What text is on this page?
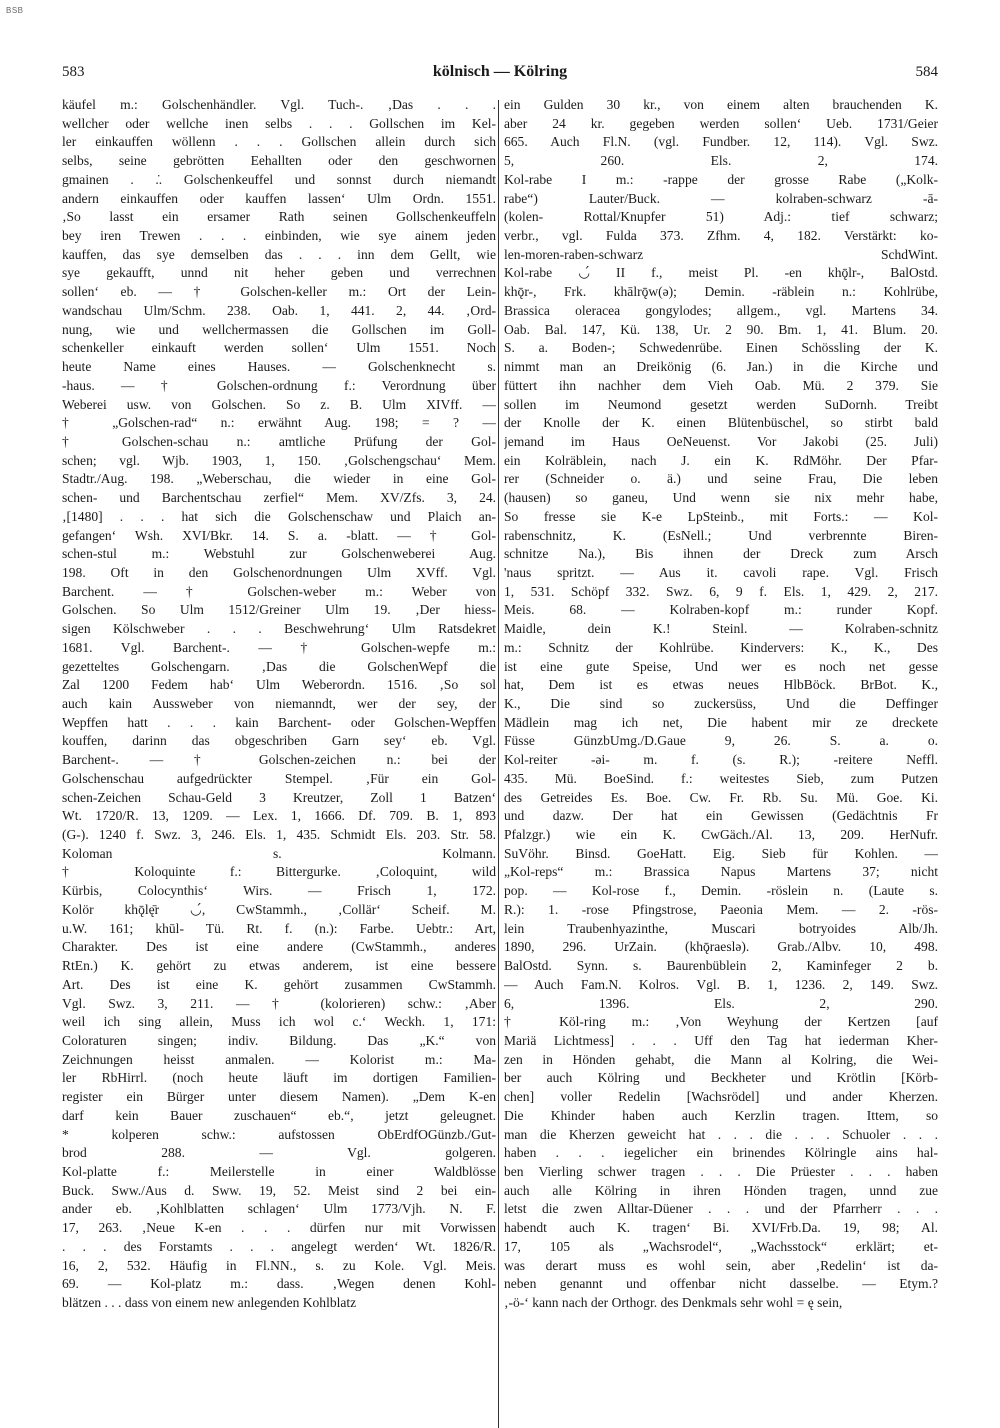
BSB
583	kölnisch — Kölring	584
käufel m.: Golschenhändler. Vgl. Tuch-. ‚Das . . .
wellcher oder wellche inen selbs . . . Gollschen im Kel-
ler einkauffen wöllenn . . . Gollschen allein durch sich
selbs, seine gebrötten Eehallten oder den geschwornen
gmainen . .̇. Golschenkeuffel und sonnst durch niemandt
andern einkauffen oder kauffen lassen‘ Ulm Ordn. 1551.
‚So lasst ein ersamer Rath seinen Gollschenkeuffeln
bey iren Trewen . . . einbinden, wie sye ainem jeden
kauffen, das sye demselben das . . . inn dem Gellt, wie
sye gekaufft, unnd nit heher geben und verrechnen
sollen‘ eb. — † Golschen-keller m.: Ort der Lein-
wandschau Ulm/Schm. 238. Oab. 1, 441. 2, 44. ‚Ord-
nung, wie und wellchermassen die Gollschen im Goll-
schenkeller einkauft werden sollen‘ Ulm 1551. Noch
heute Name eines Hauses. — Golschenknecht s.
-haus. — † Golschen-ordnung f.: Verordnung über
Weberei usw. von Golschen. So z. B. Ulm XIVff. —
† „Golschen-rad“ n.: erwähnt Aug. 198; = ? —
† Golschen-schau n.: amtliche Prüfung der Gol-
schen; vgl. Wjb. 1903, 1, 150. ‚Golschengschau‘ Mem.
Stadtr./Aug. 198. „Weberschau, die wieder in eine Gol-
schen- und Barchentschau zerfiel“ Mem. XV/Zfs. 3, 24.
‚[1480] . . . hat sich die Golschenschaw und Plaich an-
gefangen‘ Wsh. XVI/Bkr. 14. S. a. -blatt. — † Gol-
schen-stul m.: Webstuhl zur Golschenweberei Aug.
198. Oft in den Golschenordnungen Ulm XVff. Vgl.
Barchent. — † Golschen-weber m.: Weber von
Golschen. So Ulm 1512/Greiner Ulm 19. ‚Der hiess-
sigen Kölschweber . . . Beschwehrung‘ Ulm Ratsdekret
1681. Vgl. Barchent-. — † Golschen-wepfe m.:
gezetteltes Golschengarn. ‚Das die GolschenWepf die
Zal 1200 Fedem hab‘ Ulm Weberordn. 1516. ‚So sol
auch kain Aussweber von niemanndt, wer der sey, der
Wepffen hatt . . . kain Barchent- oder Golschen-Wepffen
kouffen, darinn das obgeschriben Garn sey‘ eb. Vgl.
Barchent-. — † Golschen-zeichen n.: bei der
Golschenschau aufgedrückter Stempel. ‚Für ein Gol-
schen-Zeichen Schau-Geld 3 Kreutzer, Zoll 1 Batzen‘
Wt. 1720/R. 13, 1209. — Lex. 1, 1666. Df. 709. B. 1, 893
(G-). 1240 f. Swz. 3, 246. Els. 1, 435. Schmidt Els. 203. Str. 58.
Koloman s. Kolmann.
† Koloquinte f.: Bittergurke. ‚Coloquint, wild
Kürbis, Colocynthis‘ Wirs. — Frisch 1, 172.
Kolör khǭlę̄r ◡́, CwStammh., ‚Collär‘ Scheif. M.
u.W. 161; khūl- Tü. Rt. f. (n.): Farbe. Uebtr.: Art,
Charakter. Des ist eine andere (CwStammh., anderes
RtEn.) K. gehört zu etwas anderem, ist eine bessere
Art. Des ist eine K. gehört zusammen CwStammh.
Vgl. Swz. 3, 211. — † (kolorieren) schw.: ‚Aber
weil ich sing allein, Muss ich wol c.‘ Weckh. 1, 171:
Coloraturen singen; indiv. Bildung. Das „K.“ von
Zeichnungen heisst anmalen. — Kolorist m.: Ma-
ler RbHirrl. (noch heute läuft im dortigen Familien-
register ein Bürger unter diesem Namen). „Dem K-en
darf kein Bauer zuschauen“ eb.“, jetzt geleugnet.
* kolperen schw.: aufstossen ObErdfOGünzb./Gut-
brod 288. — Vgl. golgeren.
Kol-platte f.: Meilerstelle in einer Waldblösse
Buck. Sww./Aus d. Sww. 19, 52. Meist sind 2 bei ein-
ander eb. ‚Kohlblatten schlagen‘ Ulm 1773/Vjh. N. F.
17, 263. ‚Neue K-en . . . dürfen nur mit Vorwissen
. . . des Forstamts . . . angelegt werden‘ Wt. 1826/R.
16, 2, 532. Häufig in Fl.NN., s. zu Kole. Vgl. Meis.
69. — Kol-platz m.: dass. ‚Wegen denen Kohl-
blätzen . . . dass von einem new anlegenden Kohlblatz
ein Gulden 30 kr., von einem alten brauchenden K.
aber 24 kr. gegeben werden sollen‘ Ueb. 1731/Geier
665. Auch Fl.N. (vgl. Fundber. 12, 114). Vgl. Swz.
5, 260. Els. 2, 174.
Kol-rabe I m.: -rappe der grosse Rabe („Kolk-
rabe“) Lauter/Buck. — kolraben-schwarz -ā-
(kolen- Rottal/Knupfer 51) Adj.: tief schwarz;
verbr., vgl. Fulda 373. Zfhm. 4, 182. Verstärkt: ko-
len-moren-raben-schwarz SchdWint.
Kol-rabe ◡́ II f., meist Pl. -en khǭlr-, BalOstd.
khǭr-, Frk. khālrǭw(ə); Demin. -räblein n.: Kohlrübe,
Brassica oleracea gongylodes; allgem., vgl. Martens 34.
Oab. Bal. 147, Kü. 138, Ur. 2 90. Bm. 1, 41. Blum. 20.
S. a. Boden-; Schwedenrübe. Einen Schössling der K.
nimmt man an Dreikönig (6. Jan.) in die Kirche und
füttert ihn nachher dem Vieh Oab. Mü. 2 379. Sie
sollen im Neumond gesetzt werden SuDornh. Treibt
der Knolle der K. einen Blütenbüschel, so stirbt bald
jemand im Haus OeNeuenst. Vor Jakobi (25. Juli)
ein Kolräblein, nach J. ein K. RdMöhr. Der Pfar-
rer (Schneider o. ä.) und seine Frau, Die leben
(hausen) so ganeu, Und wenn sie nix mehr habe,
So fresse sie K-e LpSteinb., mit Forts.: — Kol-
rabenschnitz, K. (EsNell.; Und verbrennte Biren-
schnitze Na.), Bis ihnen der Dreck zum Arsch
'naus spritzt. — Aus it. cavoli rape. Vgl. Frisch
1, 531. Schöpf 332. Swz. 6, 9 f. Els. 1, 429. 2, 217.
Meis. 68. — Kolraben-kopf m.: runder Kopf.
Maidle, dein K.! Steinl. — Kolraben-schnitz
m.: Schnitz der Kohlrübe. Kindervers: K., K., Des
ist eine gute Speise, Und wer es noch net gesse
hat, Dem ist es etwas neues HlbBöck. BrBot. K.,
K., Die sind so zuckersüss, Und die Deffinger
Mädlein mag ich net, Die habent mir ze dreckete
Füsse GünzbUmg./D.Gaue 9, 26. S. a. o.
Kol-reiter -əi- m. f. (s. R.); -reitere Neffl.
435. Mü. BoeSind. f.: weitestes Sieb, zum Putzen
des Getreides Es. Boe. Cw. Fr. Rb. Su. Mü. Goe. Ki.
und dazw. Der hat ein Gewissen (Gedächtnis Fr
Pfalzgr.) wie ein K. CwGäch./Al. 13, 209. HerNufr.
SuVöhr. Binsd. GoeHatt. Eig. Sieb für Kohlen. —
„Kol-reps“ m.: Brassica Napus Martens 37; nicht
pop. — Kol-rose f., Demin. -röslein n. (Laute s.
R.): 1. -rose Pfingstrose, Paeonia Mem. — 2. -rös-
lein Traubenhyazinthe, Muscari botryoides Alb/Jh.
1890, 296. UrZain. (khǭraeslə). Grab./Albv. 10, 498.
BalOstd. Synn. s. Baurenbüblein 2, Kaminfeger 2 b.
— Auch Fam.N. Kolros. Vgl. B. 1, 1236. 2, 149. Swz.
6, 1396. Els. 2, 290.
† Köl-ring m.: ‚Von Weyhung der Kertzen [auf
Mariä Lichtmess] . . . Uff den Tag hat iederman Kher-
zen in Hönden gehabt, die Mann al Kolring, die Wei-
ber auch Kölring und Beckheter und Krötlin [Körb-
chen] voller Redelin [Wachsrödel] und ander Kherzen.
Die Khinder haben auch Kerzlin tragen. Ittem, so
man die Kherzen geweicht hat . . . die . . . Schuoler . . .
haben . . . iegelicher ein brinendes Kölringle ains hal-
ben Vierling schwer tragen . . . Die Prüester . . . haben
auch alle Kölring in ihren Hönden tragen, unnd zue
letst die zwen Alltar-Düener . . . und der Pfarrherr . . .
habendt auch K. tragen‘ Bi. XVI/Frb.Da. 19, 98; Al.
17, 105 als „Wachsrodel“, „Wachsstock“ erklärt; et-
was derart muss es wohl sein, aber ‚Redelin‘ ist da-
neben genannt und offenbar nicht dasselbe. — Etym.?
‚-ö-‘ kann nach der Orthogr. des Denkmals sehr wohl = ę sein,
